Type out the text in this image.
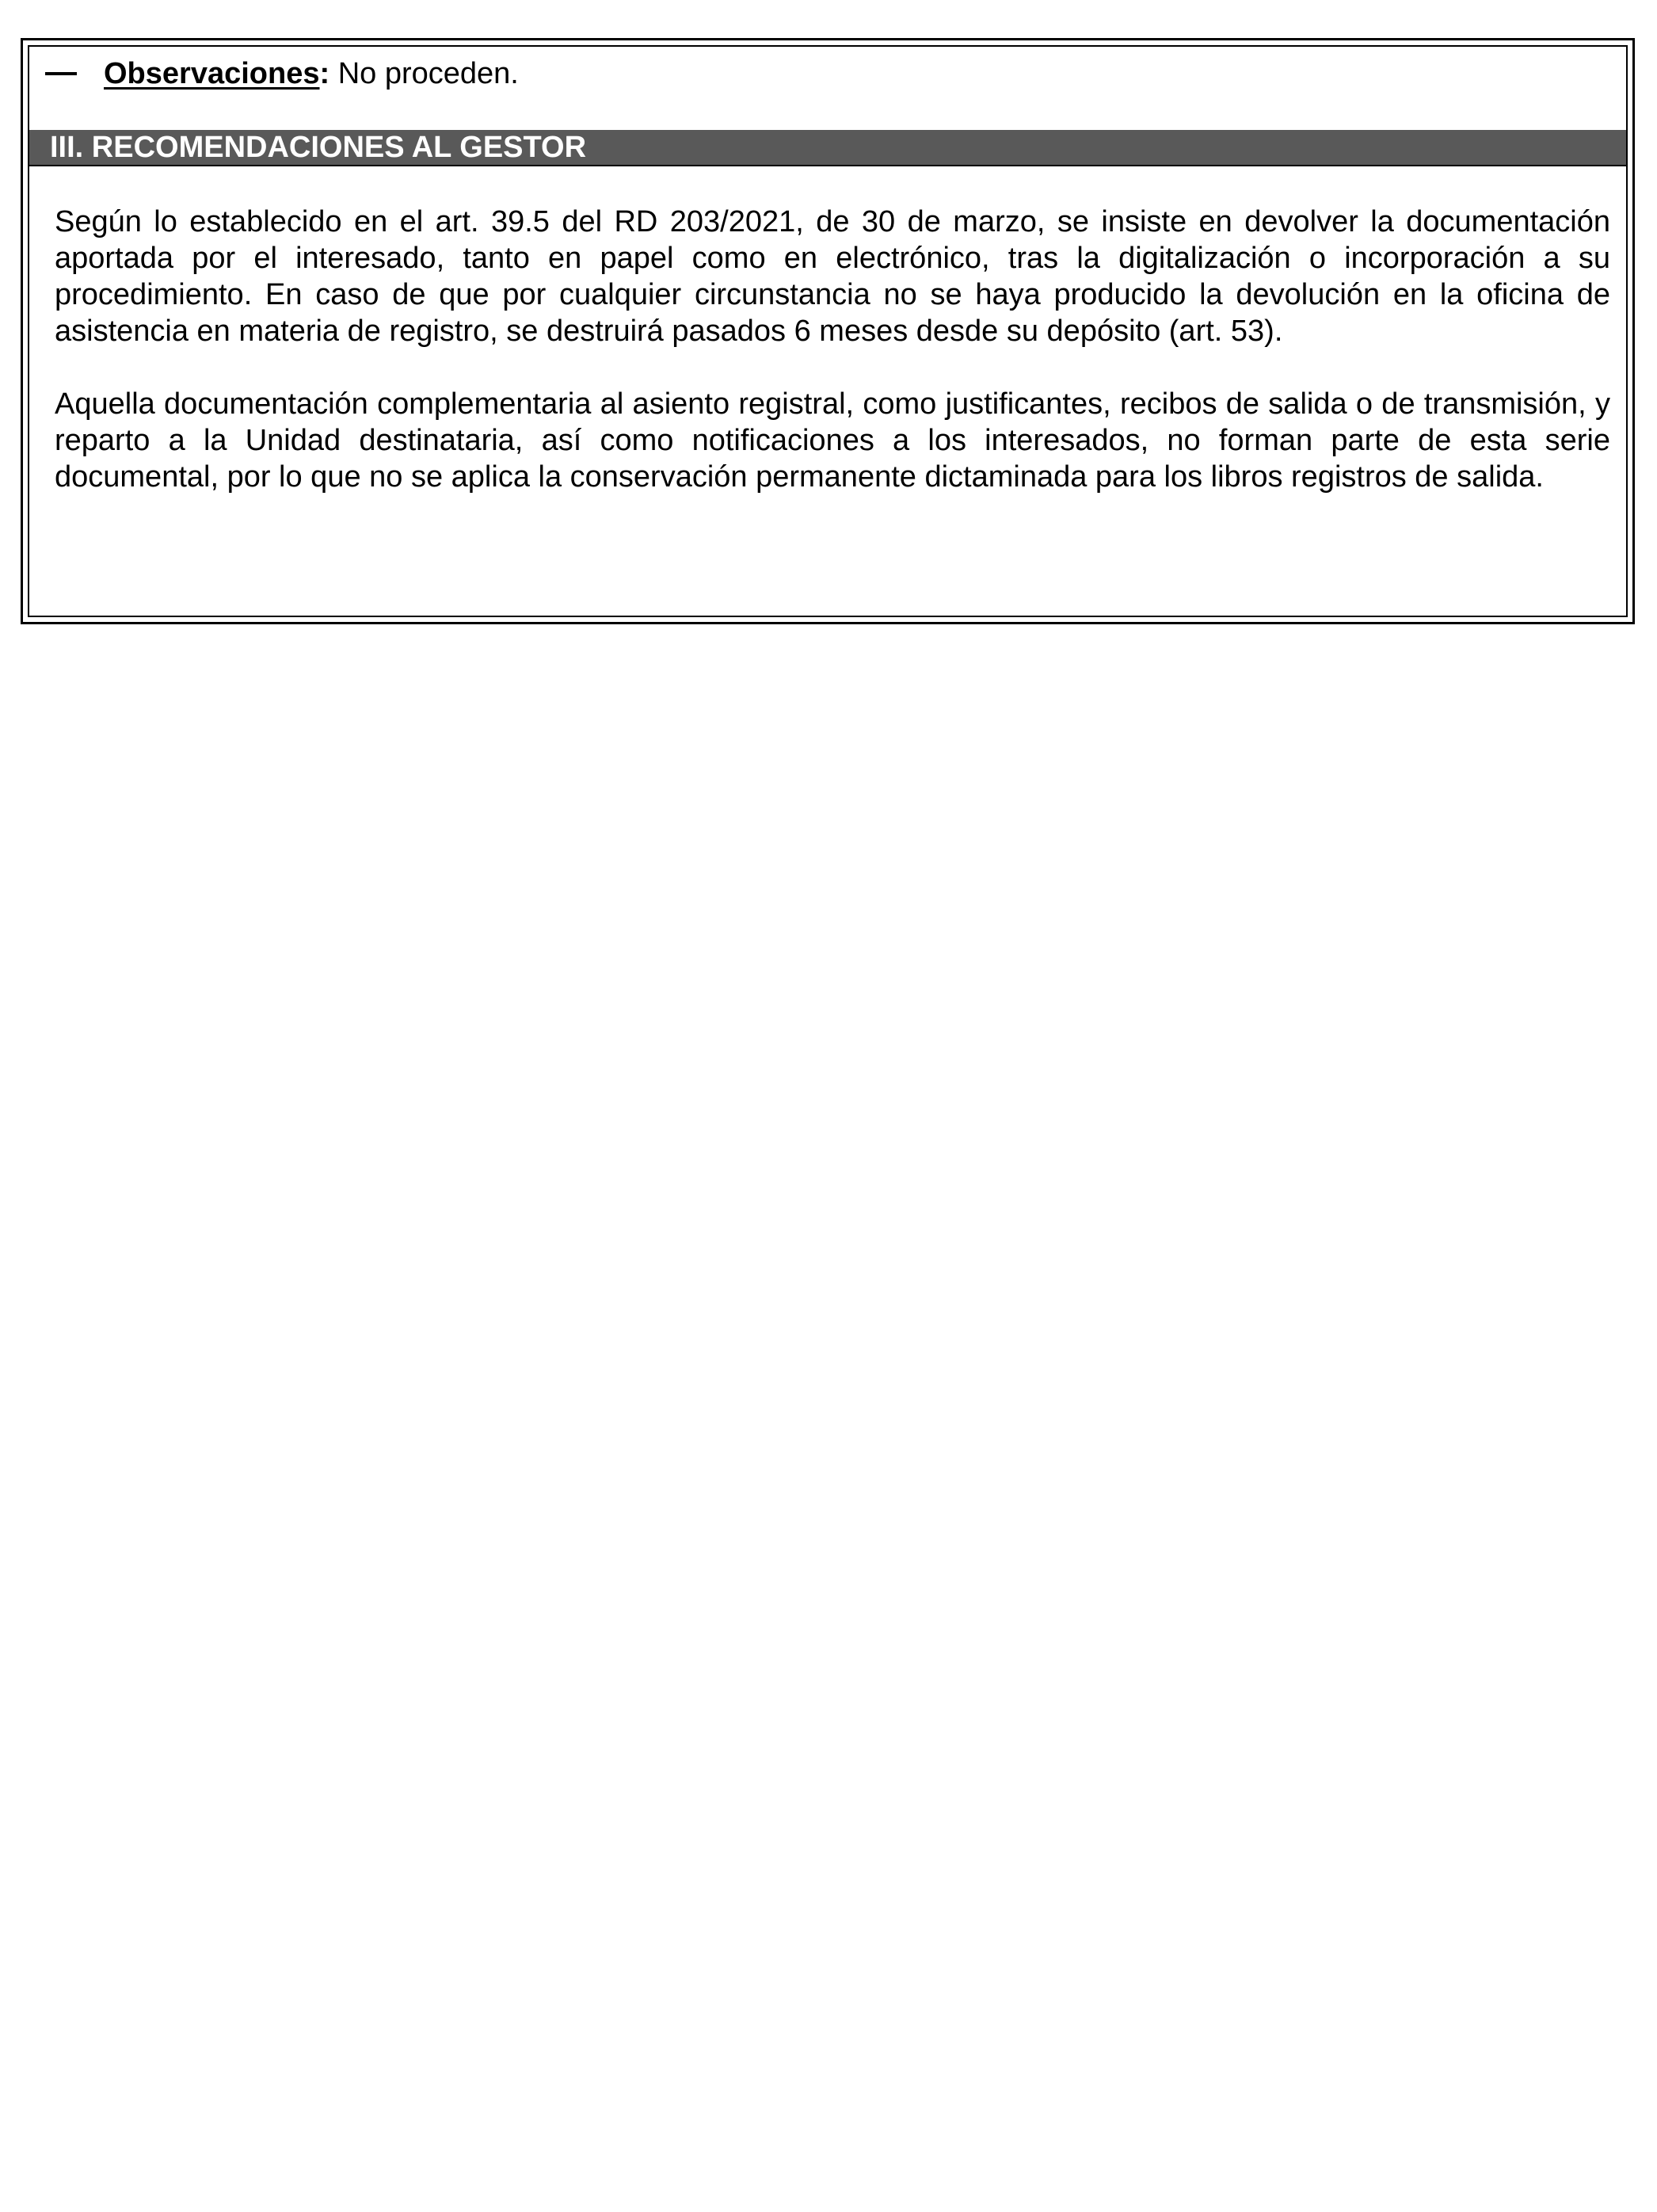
Observaciones: No proceden.
III. RECOMENDACIONES AL GESTOR

Según lo establecido en el art. 39.5 del RD 203/2021, de 30 de marzo, se insiste en devolver la documentación aportada por el interesado, tanto en papel como en electrónico, tras la digitalización o incorporación a su procedimiento. En caso de que por cualquier circunstancia no se haya producido la devolución en la oficina de asistencia en materia de registro, se destruirá pasados 6 meses desde su depósito (art. 53).

Aquella documentación complementaria al asiento registral, como justificantes, recibos de salida o de transmisión, y reparto a la Unidad destinataria, así como notificaciones a los interesados, no forman parte de esta serie documental, por lo que no se aplica la conservación permanente dictaminada para los libros registros de salida.
